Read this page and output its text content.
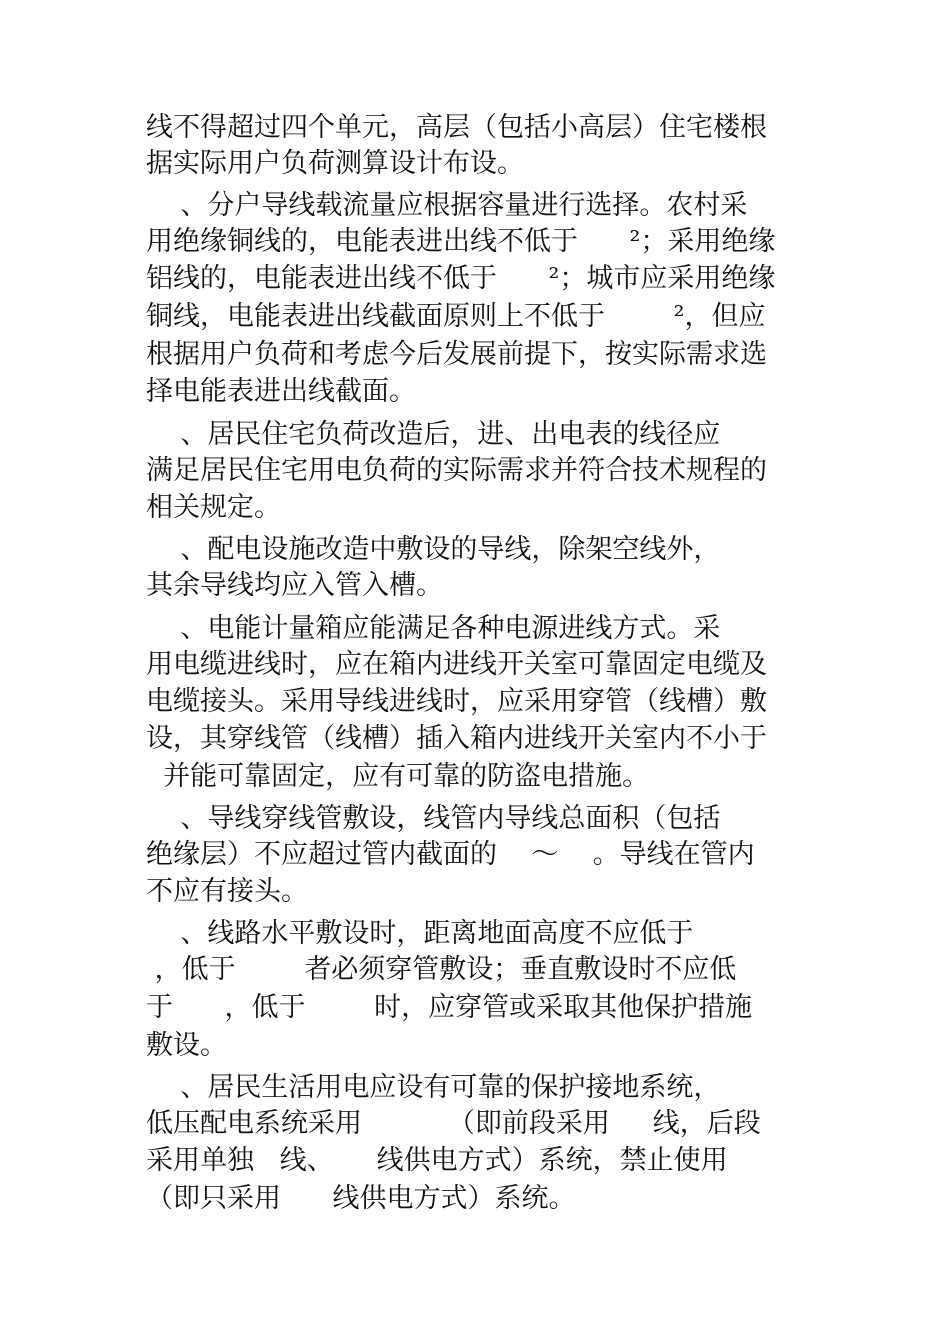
线不得超过四个单元，高层（包括小高层）住宅楼根
据实际用户负荷测算设计布设。
、分户导线载流量应根据容量进行选择。农村采
用绝缘铜线的，电能表进出线不低于      ²；采用绝缘
铝线的，电能表进出线不低于      ²；城市应采用绝缘
铜线，电能表进出线截面原则上不低于        ²，但应
根据用户负荷和考虑今后发展前提下，按实际需求选
择电能表进出线截面。
、居民住宅负荷改造后，进、出电表的线径应
满足居民住宅用电负荷的实际需求并符合技术规程的
相关规定。
、配电设施改造中敷设的导线，除架空线外，
其余导线均应入管入槽。
、电能计量箱应能满足各种电源进线方式。采
用电缆进线时，应在箱内进线开关室可靠固定电缆及
电缆接头。采用导线进线时，应采用穿管（线槽）敷
设，其穿线管（线槽）插入箱内进线开关室内不小于
并能可靠固定，应有可靠的防盗电措施。
、导线穿线管敷设，线管内导线总面积（包括
绝缘层）不应超过管内截面的    ～    。导线在管内
不应有接头。
、线路水平敷设时，距离地面高度不应低于
，低于        者必须穿管敷设；垂直敷设时不应低
于      ，低于        时，应穿管或采取其他保护措施
敷设。
、居民生活用电应设有可靠的保护接地系统，
低压配电系统采用          （即前段采用     线，后段
采用单独   线、     线供电方式）系统，禁止使用
（即只采用      线供电方式）系统。
